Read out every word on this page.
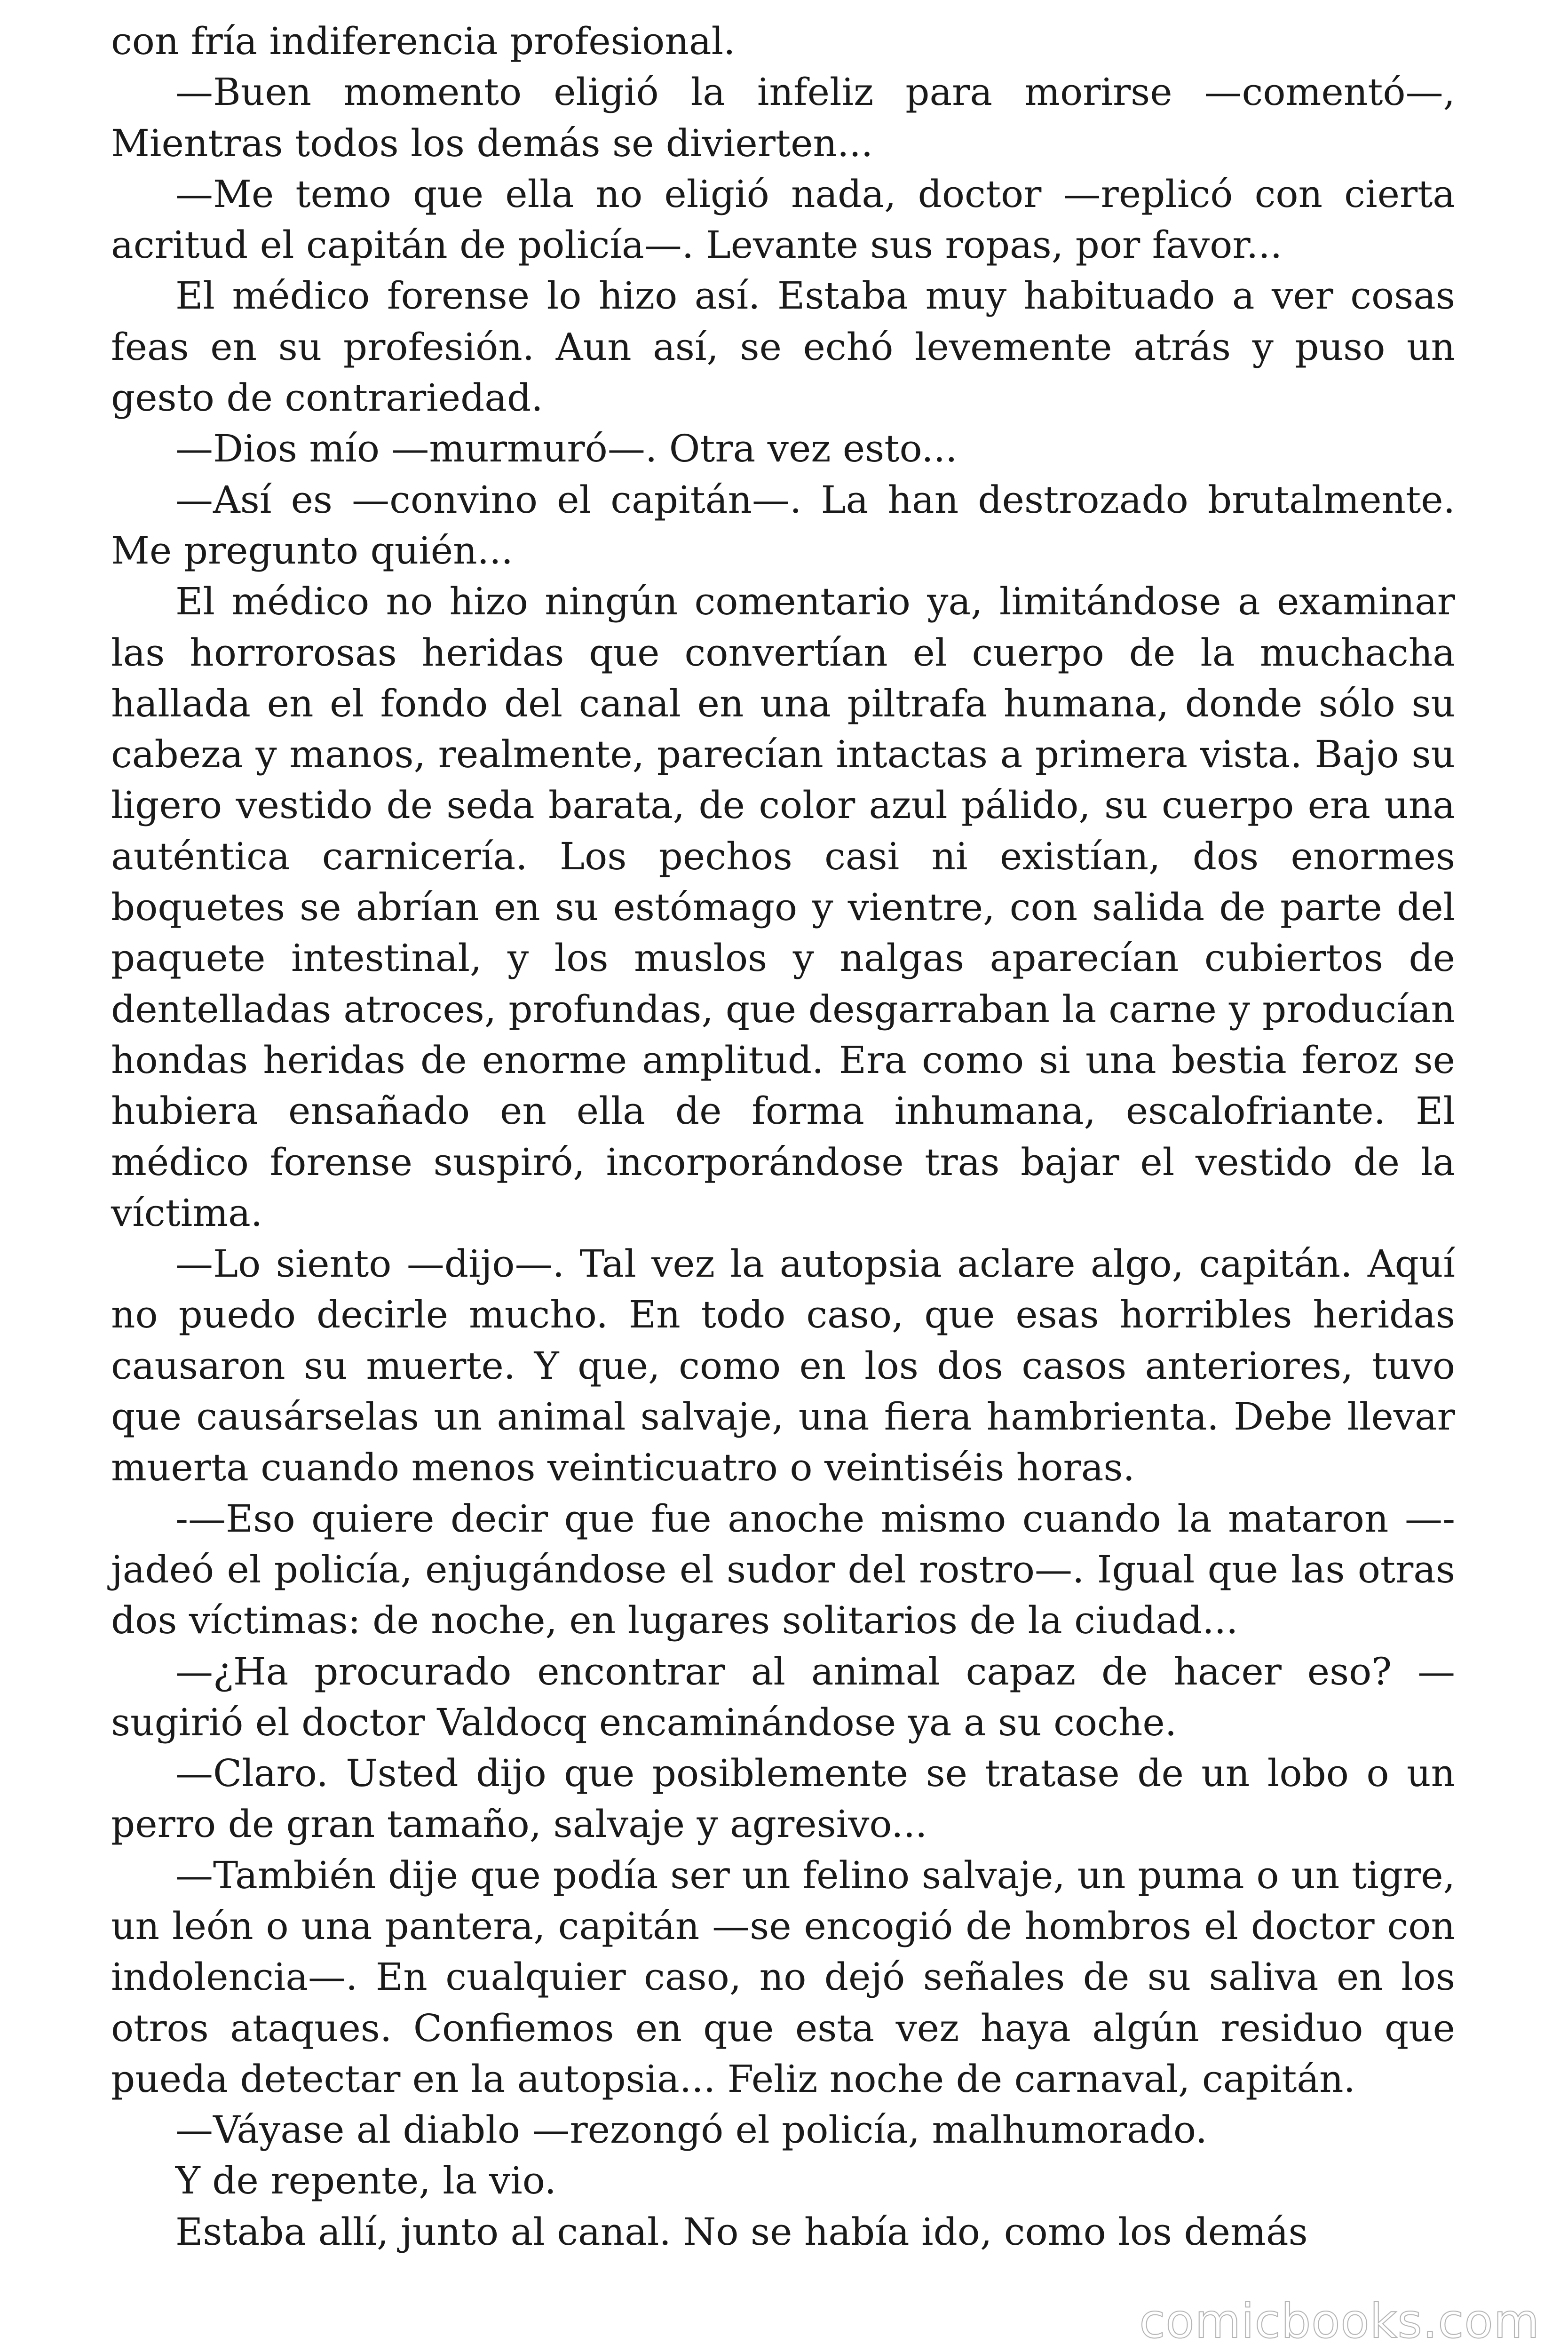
con fría indiferencia profesional.

—Buen momento eligió la infeliz para morirse —comentó—, Mientras todos los demás se divierten...

—Me temo que ella no eligió nada, doctor —replicó con cierta acritud el capitán de policía—. Levante sus ropas, por favor...

El médico forense lo hizo así. Estaba muy habituado a ver cosas feas en su profesión. Aun así, se echó levemente atrás y puso un gesto de contrariedad.

—Dios mío —murmuró—. Otra vez esto...

—Así es —convino el capitán—. La han destrozado brutalmente. Me pregunto quién...

El médico no hizo ningún comentario ya, limitándose a examinar las horrorosas heridas que convertían el cuerpo de la muchacha hallada en el fondo del canal en una piltrafa humana, donde sólo su cabeza y manos, realmente, parecían intactas a primera vista. Bajo su ligero vestido de seda barata, de color azul pálido, su cuerpo era una auténtica carnicería. Los pechos casi ni existían, dos enormes boquetes se abrían en su estómago y vientre, con salida de parte del paquete intestinal, y los muslos y nalgas aparecían cubiertos de dentelladas atroces, profundas, que desgarraban la carne y producían hondas heridas de enorme amplitud. Era como si una bestia feroz se hubiera ensañado en ella de forma inhumana, escalofriante. El médico forense suspiró, incorporándose tras bajar el vestido de la víctima.

—Lo siento —dijo—. Tal vez la autopsia aclare algo, capitán. Aquí no puedo decirle mucho. En todo caso, que esas horribles heridas causaron su muerte. Y que, como en los dos casos anteriores, tuvo que causárselas un animal salvaje, una fiera hambrienta. Debe llevar muerta cuando menos veinticuatro o veintiséis horas.

-—Eso quiere decir que fue anoche mismo cuando la mataron —-jadeó el policía, enjugándose el sudor del rostro—. Igual que las otras dos víctimas: de noche, en lugares solitarios de la ciudad...

—¿Ha procurado encontrar al animal capaz de hacer eso? —sugirió el doctor Valdocq encaminándose ya a su coche.

—Claro. Usted dijo que posiblemente se tratase de un lobo o un perro de gran tamaño, salvaje y agresivo...

—También dije que podía ser un felino salvaje, un puma o un tigre, un león o una pantera, capitán —se encogió de hombros el doctor con indolencia—. En cualquier caso, no dejó señales de su saliva en los otros ataques. Confiemos en que esta vez haya algún residuo que pueda detectar en la autopsia... Feliz noche de carnaval, capitán.

—Váyase al diablo —rezongó el policía, malhumorado.

Y de repente, la vio.

Estaba allí, junto al canal. No se había ido, como los demás

comicbooks.com
